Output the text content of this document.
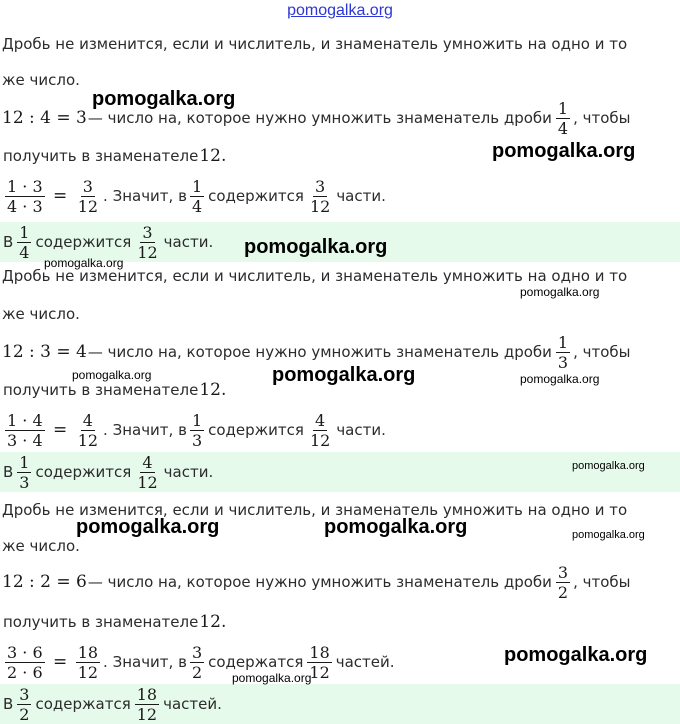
pomogalka.org
Дробь не изменится, если и числитель, и знаменатель умножить на одно и то
же число.
12 : 4 = 3 — число на, которое нужно умножить знаменатель дроби $\frac{1}{4}$ , чтобы
получить в знаменателе 12.
$\frac{1 \cdot 3}{4 \cdot 3} = \frac{3}{12}$ . Значит, в $\frac{1}{4}$ содержится $\frac{3}{12}$ части.
В $\frac{1}{4}$ содержится $\frac{3}{12}$ части.
Дробь не изменится, если и числитель, и знаменатель умножить на одно и то
же число.
12 : 3 = 4 — число на, которое нужно умножить знаменатель дроби $\frac{1}{3}$ , чтобы
получить в знаменателе 12.
$\frac{1 \cdot 4}{3 \cdot 4} = \frac{4}{12}$ . Значит, в $\frac{1}{3}$ содержится $\frac{4}{12}$ части.
В $\frac{1}{3}$ содержится $\frac{4}{12}$ части.
Дробь не изменится, если и числитель, и знаменатель умножить на одно и то
же число.
12 : 2 = 6 — число на, которое нужно умножить знаменатель дроби $\frac{3}{2}$ , чтобы
получить в знаменателе 12.
$\frac{3 \cdot 6}{2 \cdot 6} = \frac{18}{12}$ . Значит, в $\frac{3}{2}$ содержатся $\frac{18}{12}$ частей.
В $\frac{3}{2}$ содержатся $\frac{18}{12}$ частей.
pomogalka.org
pomogalka.org
pomogalka.org
pomogalka.org
pomogalka.org
pomogalka.org	pomogalka.org	pomogalka.org
pomogalka.org
pomogalka.org	pomogalka.org	pomogalka.org
pomogalka.org
pomogalka.org
